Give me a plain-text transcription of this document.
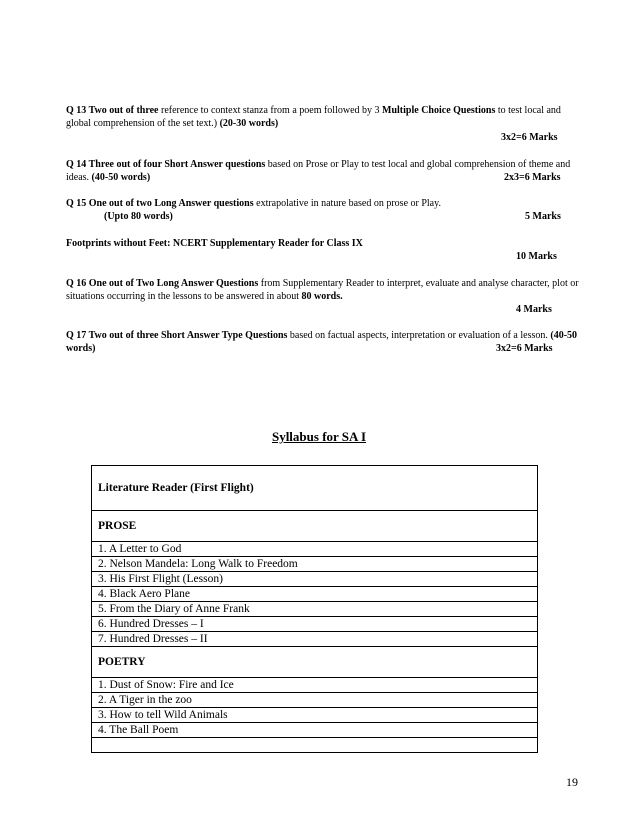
Q 13 Two out of three reference to context stanza from a poem followed by 3 Multiple Choice Questions to test local and global comprehension of the set text.) (20-30 words)
3x2=6 Marks
Q 14 Three out of four Short Answer questions based on Prose or Play to test local and global comprehension of theme and ideas. (40-50 words)	2x3=6 Marks
Q 15 One out of two Long Answer questions extrapolative in nature based on prose or Play.
(Upto 80 words)	5 Marks
Footprints without Feet: NCERT Supplementary Reader for Class IX
10 Marks
Q 16 One out of Two Long Answer Questions from Supplementary Reader to interpret, evaluate and analyse character, plot or situations occurring in the lessons to be answered in about 80 words.
4 Marks
Q 17 Two out of three Short Answer Type Questions based on factual aspects, interpretation or evaluation of a lesson. (40-50 words)	3x2=6 Marks
Syllabus for SA I
Literature Reader (First Flight)
PROSE
1. A Letter to God
2. Nelson Mandela: Long Walk to Freedom
3. His First Flight (Lesson)
4. Black Aero Plane
5. From the Diary of Anne Frank
6. Hundred Dresses – I
7. Hundred Dresses – II
POETRY
1. Dust of Snow: Fire and Ice
2. A Tiger in the zoo
3. How to tell Wild Animals
4. The Ball Poem

19
